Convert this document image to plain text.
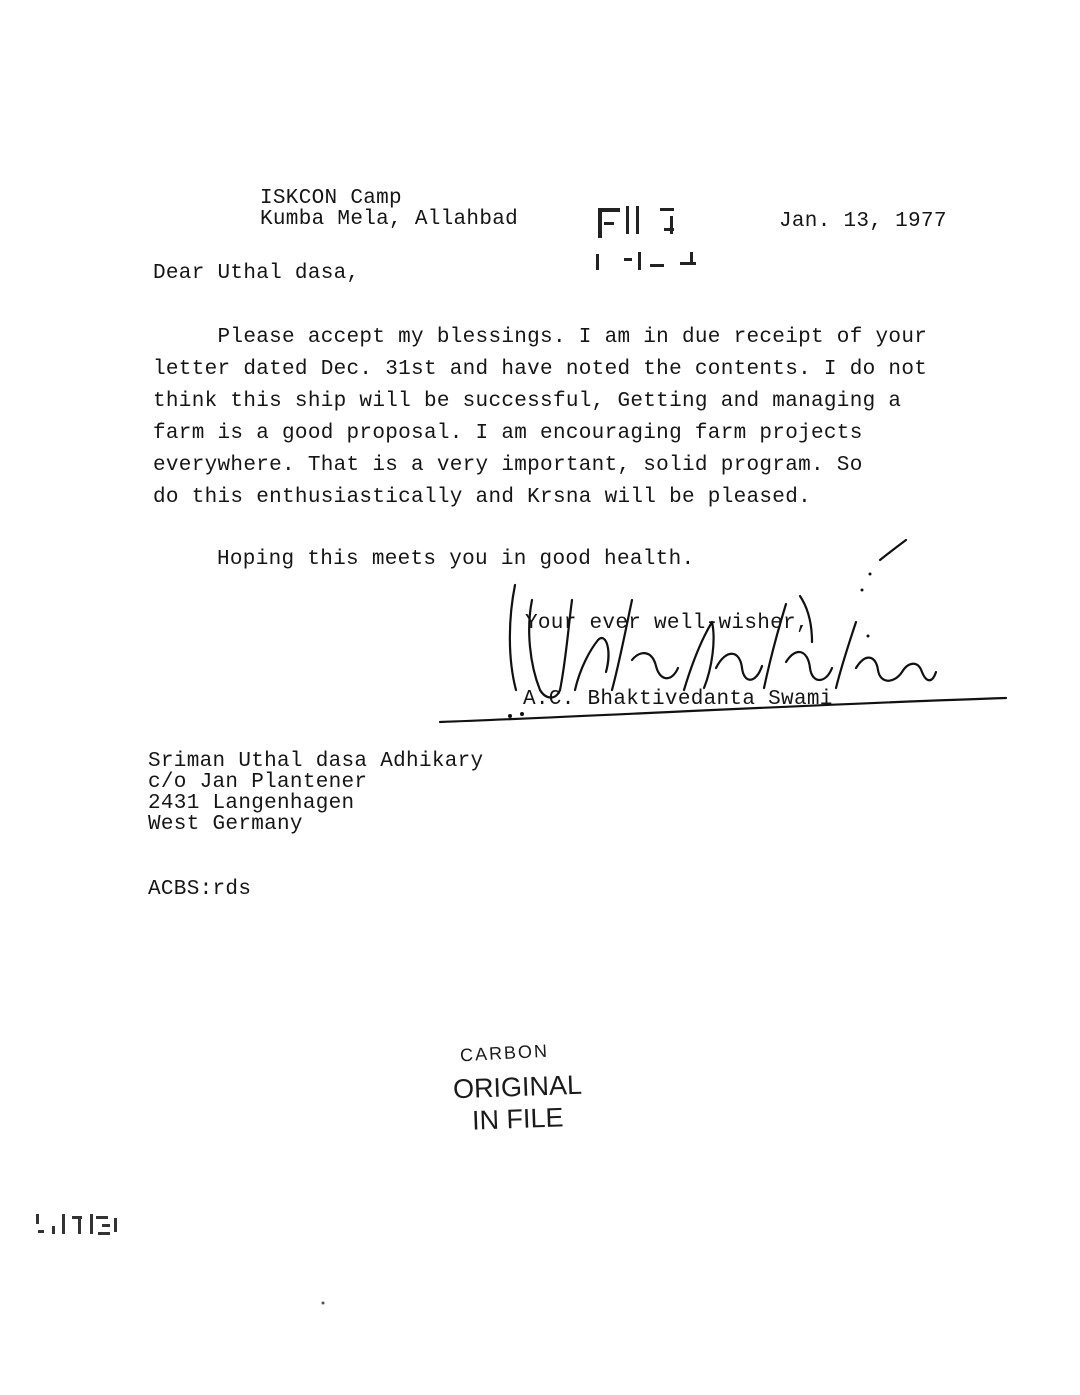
ISKCON Camp
Kumba Mela, Allahbad	Jan. 13, 1977
Dear Uthal dasa,
Please accept my blessings. I am in due receipt of your
letter dated Dec. 31st and have noted the contents. I do not
think this ship will be successful, Getting and managing a
farm is a good proposal. I am encouraging farm projects
everywhere. That is a very important, solid program. So
do this enthusiastically and Krsna will be pleased.
Hoping this meets you in good health.
Your ever well-wisher,
A.C. Bhaktivedanta Swami
Sriman Uthal dasa Adhikary
c/o Jan Plantener
2431 Langenhagen
West Germany
ACBS:rds
CARBON
ORIGINAL
IN FILE
